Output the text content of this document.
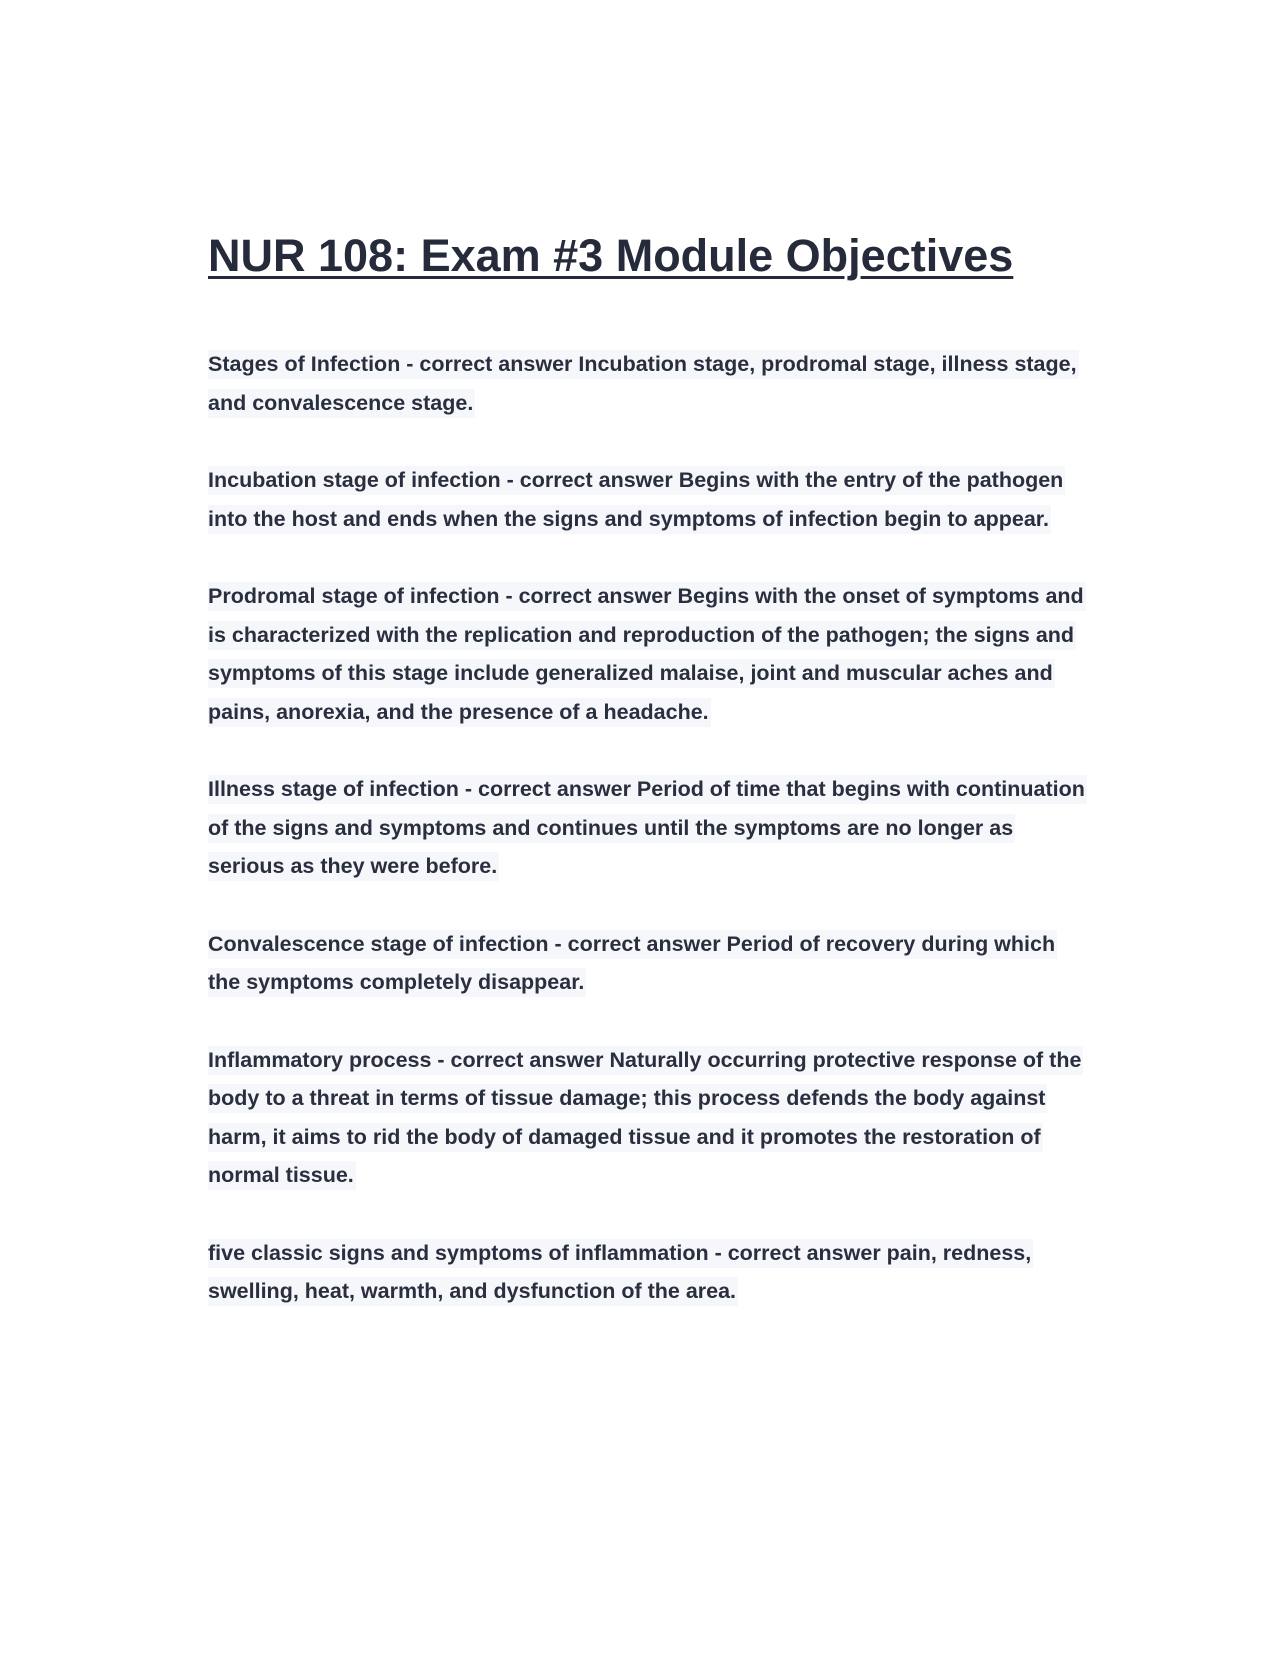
NUR 108: Exam #3 Module Objectives

Stages of Infection - correct answer Incubation stage, prodromal stage, illness stage, and convalescence stage.

Incubation stage of infection - correct answer Begins with the entry of the pathogen into the host and ends when the signs and symptoms of infection begin to appear.

Prodromal stage of infection - correct answer Begins with the onset of symptoms and is characterized with the replication and reproduction of the pathogen; the signs and symptoms of this stage include generalized malaise, joint and muscular aches and pains, anorexia, and the presence of a headache.

Illness stage of infection - correct answer Period of time that begins with continuation of the signs and symptoms and continues until the symptoms are no longer as serious as they were before.

Convalescence stage of infection - correct answer Period of recovery during which the symptoms completely disappear.

Inflammatory process - correct answer Naturally occurring protective response of the body to a threat in terms of tissue damage; this process defends the body against harm, it aims to rid the body of damaged tissue and it promotes the restoration of normal tissue.

five classic signs and symptoms of inflammation - correct answer pain, redness, swelling, heat, warmth, and dysfunction of the area.
